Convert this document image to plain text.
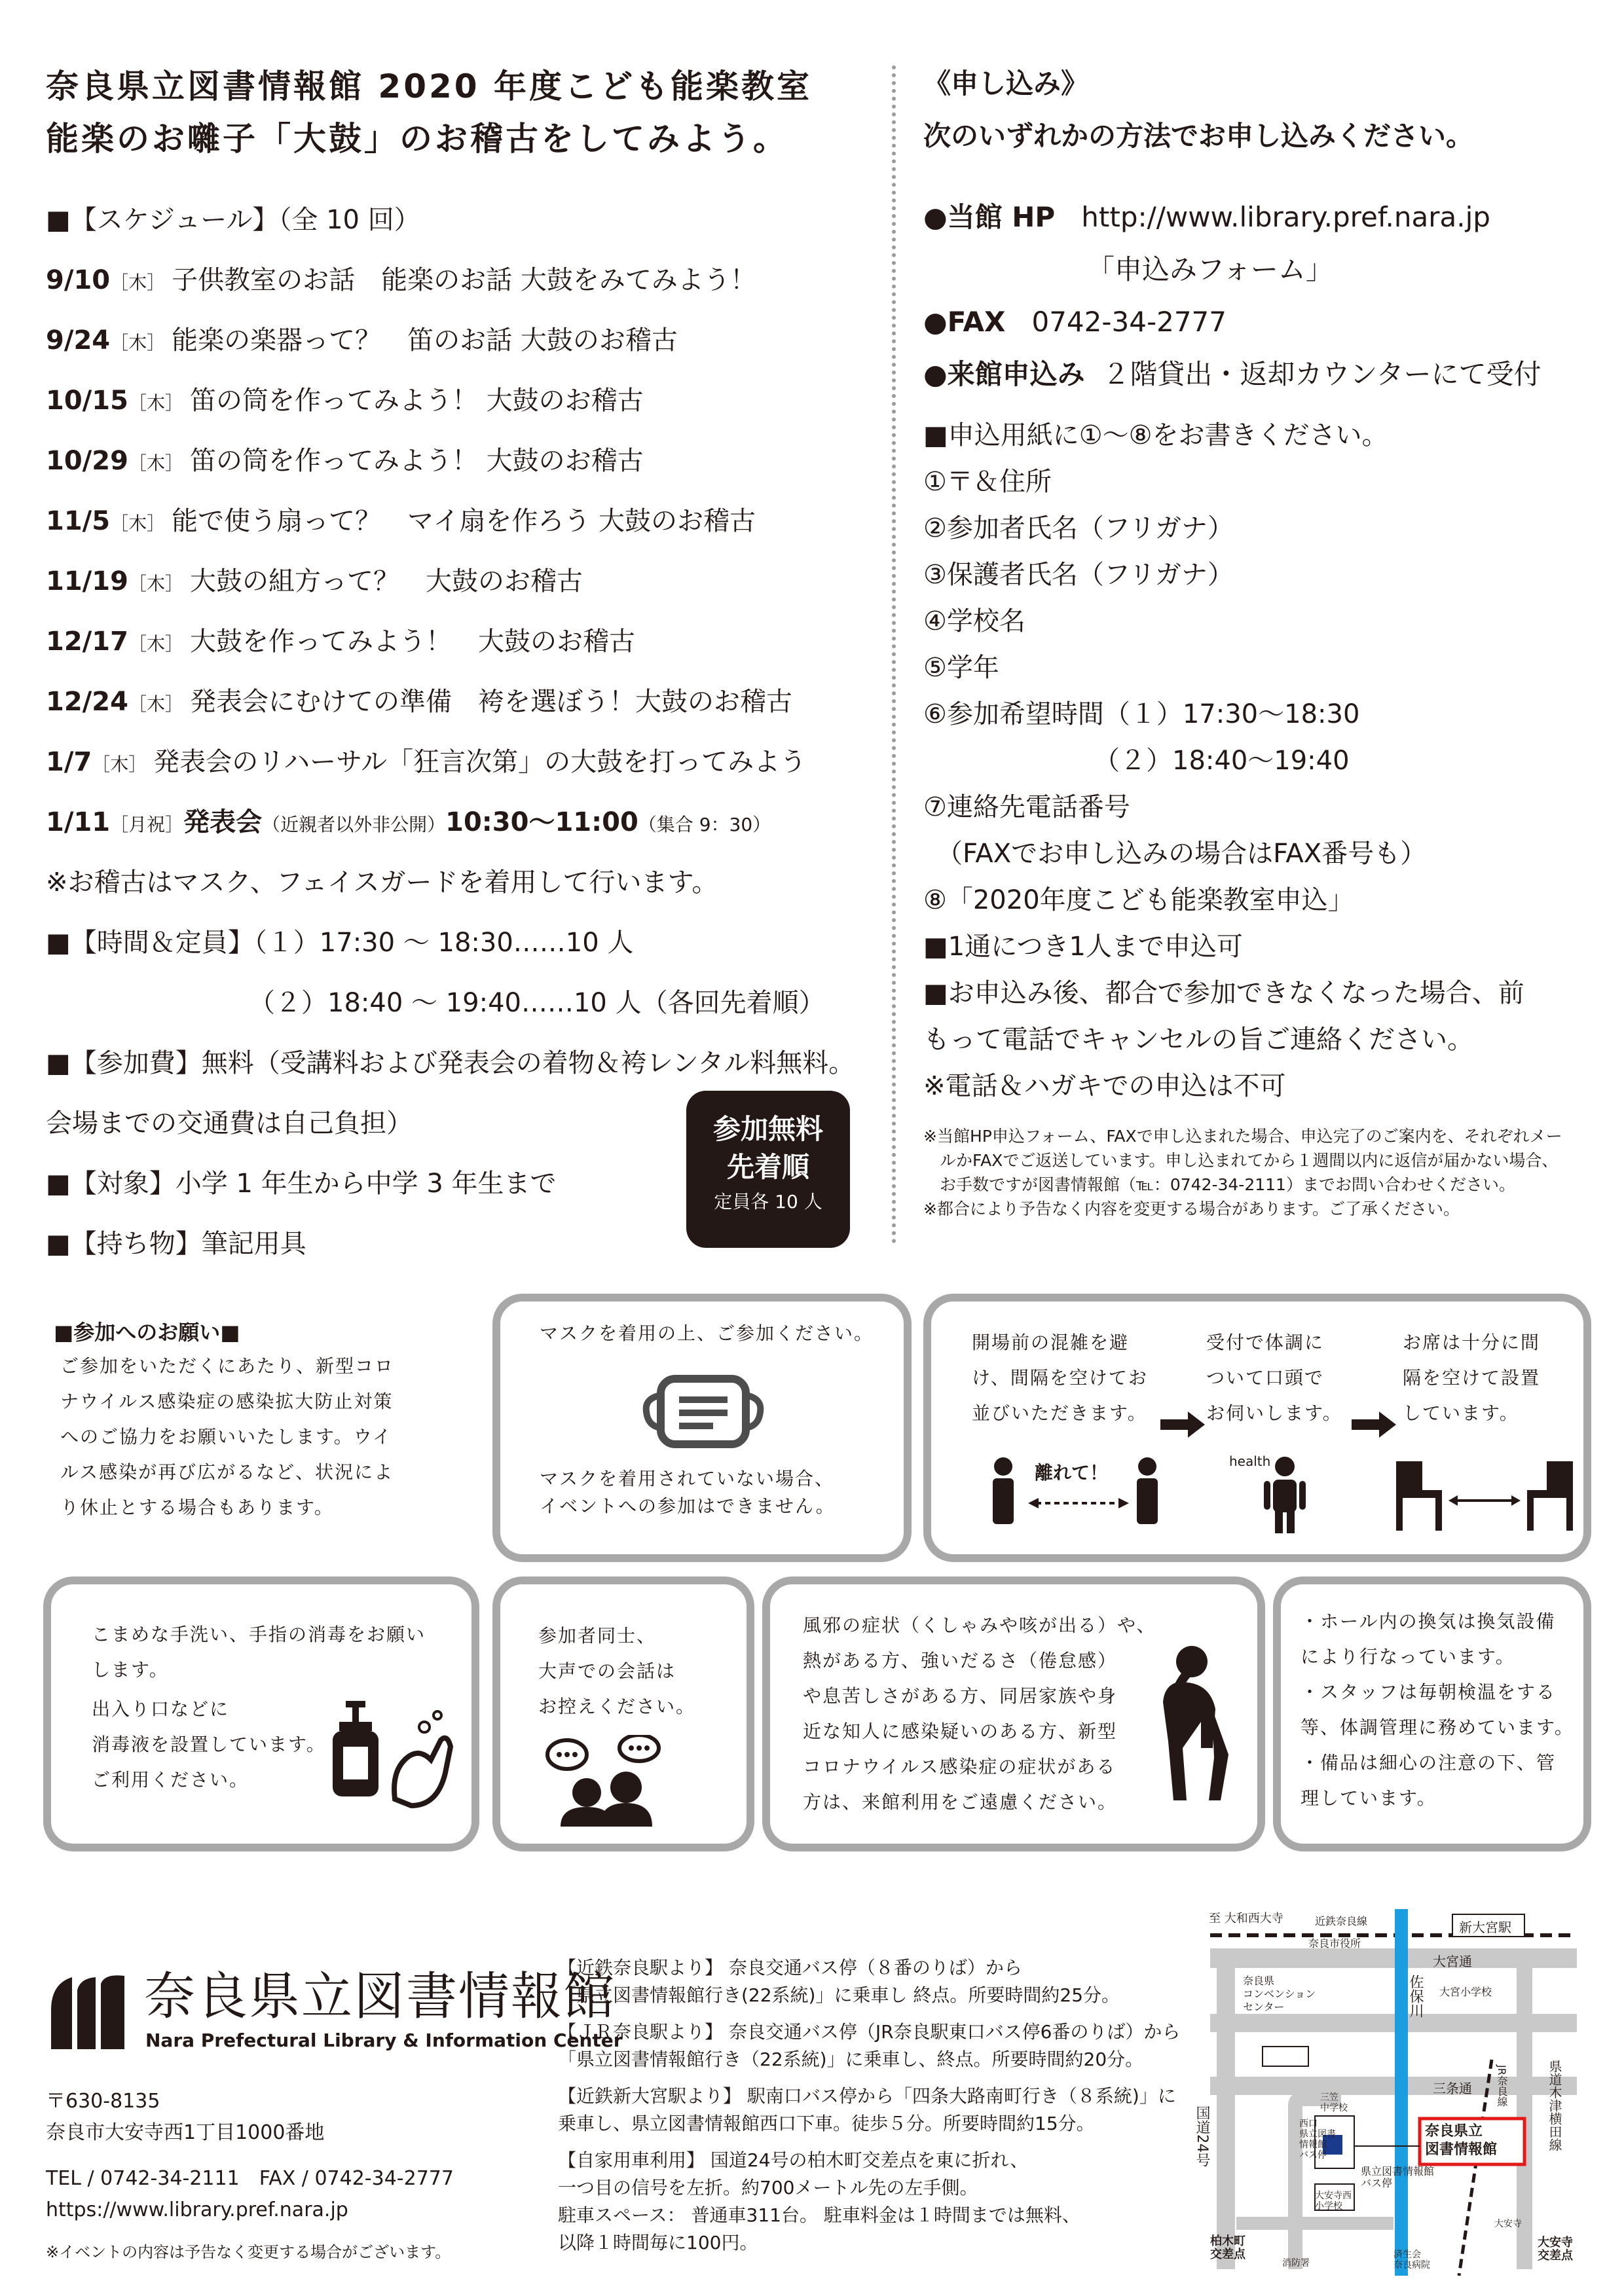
奈良県立図書情報館 2020 年度こども能楽教室
能楽のお囃子「大鼓」のお稽古をしてみよう。
■【スケジュール】（全 10 回）
9/10［木］ 子供教室のお話　能楽のお話 大鼓をみてみよう！
9/24［木］ 能楽の楽器って？　笛のお話 大鼓のお稽古
10/15［木］ 笛の筒を作ってみよう！ 大鼓のお稽古
10/29［木］ 笛の筒を作ってみよう！ 大鼓のお稽古
11/5［木］ 能で使う扇って？　マイ扇を作ろう 大鼓のお稽古
11/19［木］ 大鼓の組方って？　大鼓のお稽古
12/17［木］ 大鼓を作ってみよう！　大鼓のお稽古
12/24［木］ 発表会にむけての準備　袴を選ぼう！大鼓のお稽古
1/7［木］ 発表会のリハーサル「狂言次第」の大鼓を打ってみよう
1/11［月祝］発表会（近親者以外非公開）10:30～11:00（集合 9：30）
※お稽古はマスク、フェイスガードを着用して行います。
■【時間＆定員】（１）17:30 ～ 18:30……10 人
（２）18:40 ～ 19:40……10 人（各回先着順）
■【参加費】無料（受講料および発表会の着物＆袴レンタル料無料。
会場までの交通費は自己負担）
■【対象】小学 1 年生から中学 3 年生まで
■【持ち物】筆記用具
参加無料
先着順
定員各 10 人
《申し込み》
次のいずれかの方法でお申し込みください。
●当館 HP http://www.library.pref.nara.jp
「申込みフォーム」
●FAX 0742-34-2777
●来館申込み ２階貸出・返却カウンターにて受付
■申込用紙に①～⑧をお書きください。
①〒＆住所
②参加者氏名（フリガナ）
③保護者氏名（フリガナ）
④学校名
⑤学年
⑥参加希望時間（１）17:30～18:30
　　　　　　　（２）18:40～19:40
⑦連絡先電話番号
　（FAXでお申し込みの場合はFAX番号も）
⑧「2020年度こども能楽教室申込」
■1通につき1人まで申込可
■お申込み後、都合で参加できなくなった場合、前
もって電話でキャンセルの旨ご連絡ください。
※電話＆ハガキでの申込は不可
※当館HP申込フォーム、FAXで申し込まれた場合、申込完了のご案内を、それぞれメー
　ルかFAXでご返送しています。申し込まれてから１週間以内に返信が届かない場合、
　お手数ですが図書情報館（℡：0742-34-2111）までお問い合わせください。
※都合により予告なく内容を変更する場合があります。ご了承ください。
■参加へのお願い■
ご参加をいただくにあたり、新型コロ
ナウイルス感染症の感染拡大防止対策
へのご協力をお願いいたします。ウイ
ルス感染が再び広がるなど、状況によ
り休止とする場合もあります。
マスクを着用の上、ご参加ください。
マスクを着用されていない場合、
イベントへの参加はできません。
開場前の混雑を避
け、間隔を空けてお
並びいただきます。
受付で体調に
ついて口頭で
お伺いします。
お席は十分に間
隔を空けて設置
しています。
離れて！
health
こまめな手洗い、手指の消毒をお願い
します。
出入り口などに
消毒液を設置しています。
ご利用ください。
参加者同士、
大声での会話は
お控えください。
風邪の症状（くしゃみや咳が出る）や、
熱がある方、強いだるさ（倦怠感）
や息苦しさがある方、同居家族や身
近な知人に感染疑いのある方、新型
コロナウイルス感染症の症状がある
方は、来館利用をご遠慮ください。
・ホール内の換気は換気設備
により行なっています。
・スタッフは毎朝検温をする
等、体調管理に務めています。
・備品は細心の注意の下、管
理しています。
奈良県立図書情報館
Nara Prefectural Library & Information Center
〒630-8135
奈良市大安寺西1丁目1000番地
TEL / 0742-34-2111　FAX / 0742-34-2777
https://www.library.pref.nara.jp
※イベントの内容は予告なく変更する場合がございます。
【近鉄奈良駅より】 奈良交通バス停（８番のりば）から
「県立図書情報館行き(22系統)」に乗車し 終点。所要時間約25分。
【ＪＲ奈良駅より】 奈良交通バス停（JR奈良駅東口バス停6番のりば）から
「県立図書情報館行き（22系統)」に乗車し、終点。所要時間約20分。
【近鉄新大宮駅より】 駅南口バス停から「四条大路南町行き（８系統)」に
乗車し、県立図書情報館西口下車。徒歩５分。所要時間約15分。
【自家用車利用】 国道24号の柏木町交差点を東に折れ、
一つ目の信号を左折。約700メートル先の左手側。
駐車スペース： 普通車311台。 駐車料金は１時間までは無料、
以降１時間毎に100円。
至 大和西大寺	近鉄奈良線	新大宮駅
奈良市役所
大宮通
大宮小学校
奈良県
コンベンション
センター
三条通
佐保川
JR奈良線
国道24号	県道木津横田線
奈良県立
図書情報館
三笠
中学校
西口
県立図書
情報館
バス停
県立図書情報館
バス停
大安寺西
小学校
柏木町
交差点
消防署
済生会
奈良病院
大安寺
大安寺
交差点
